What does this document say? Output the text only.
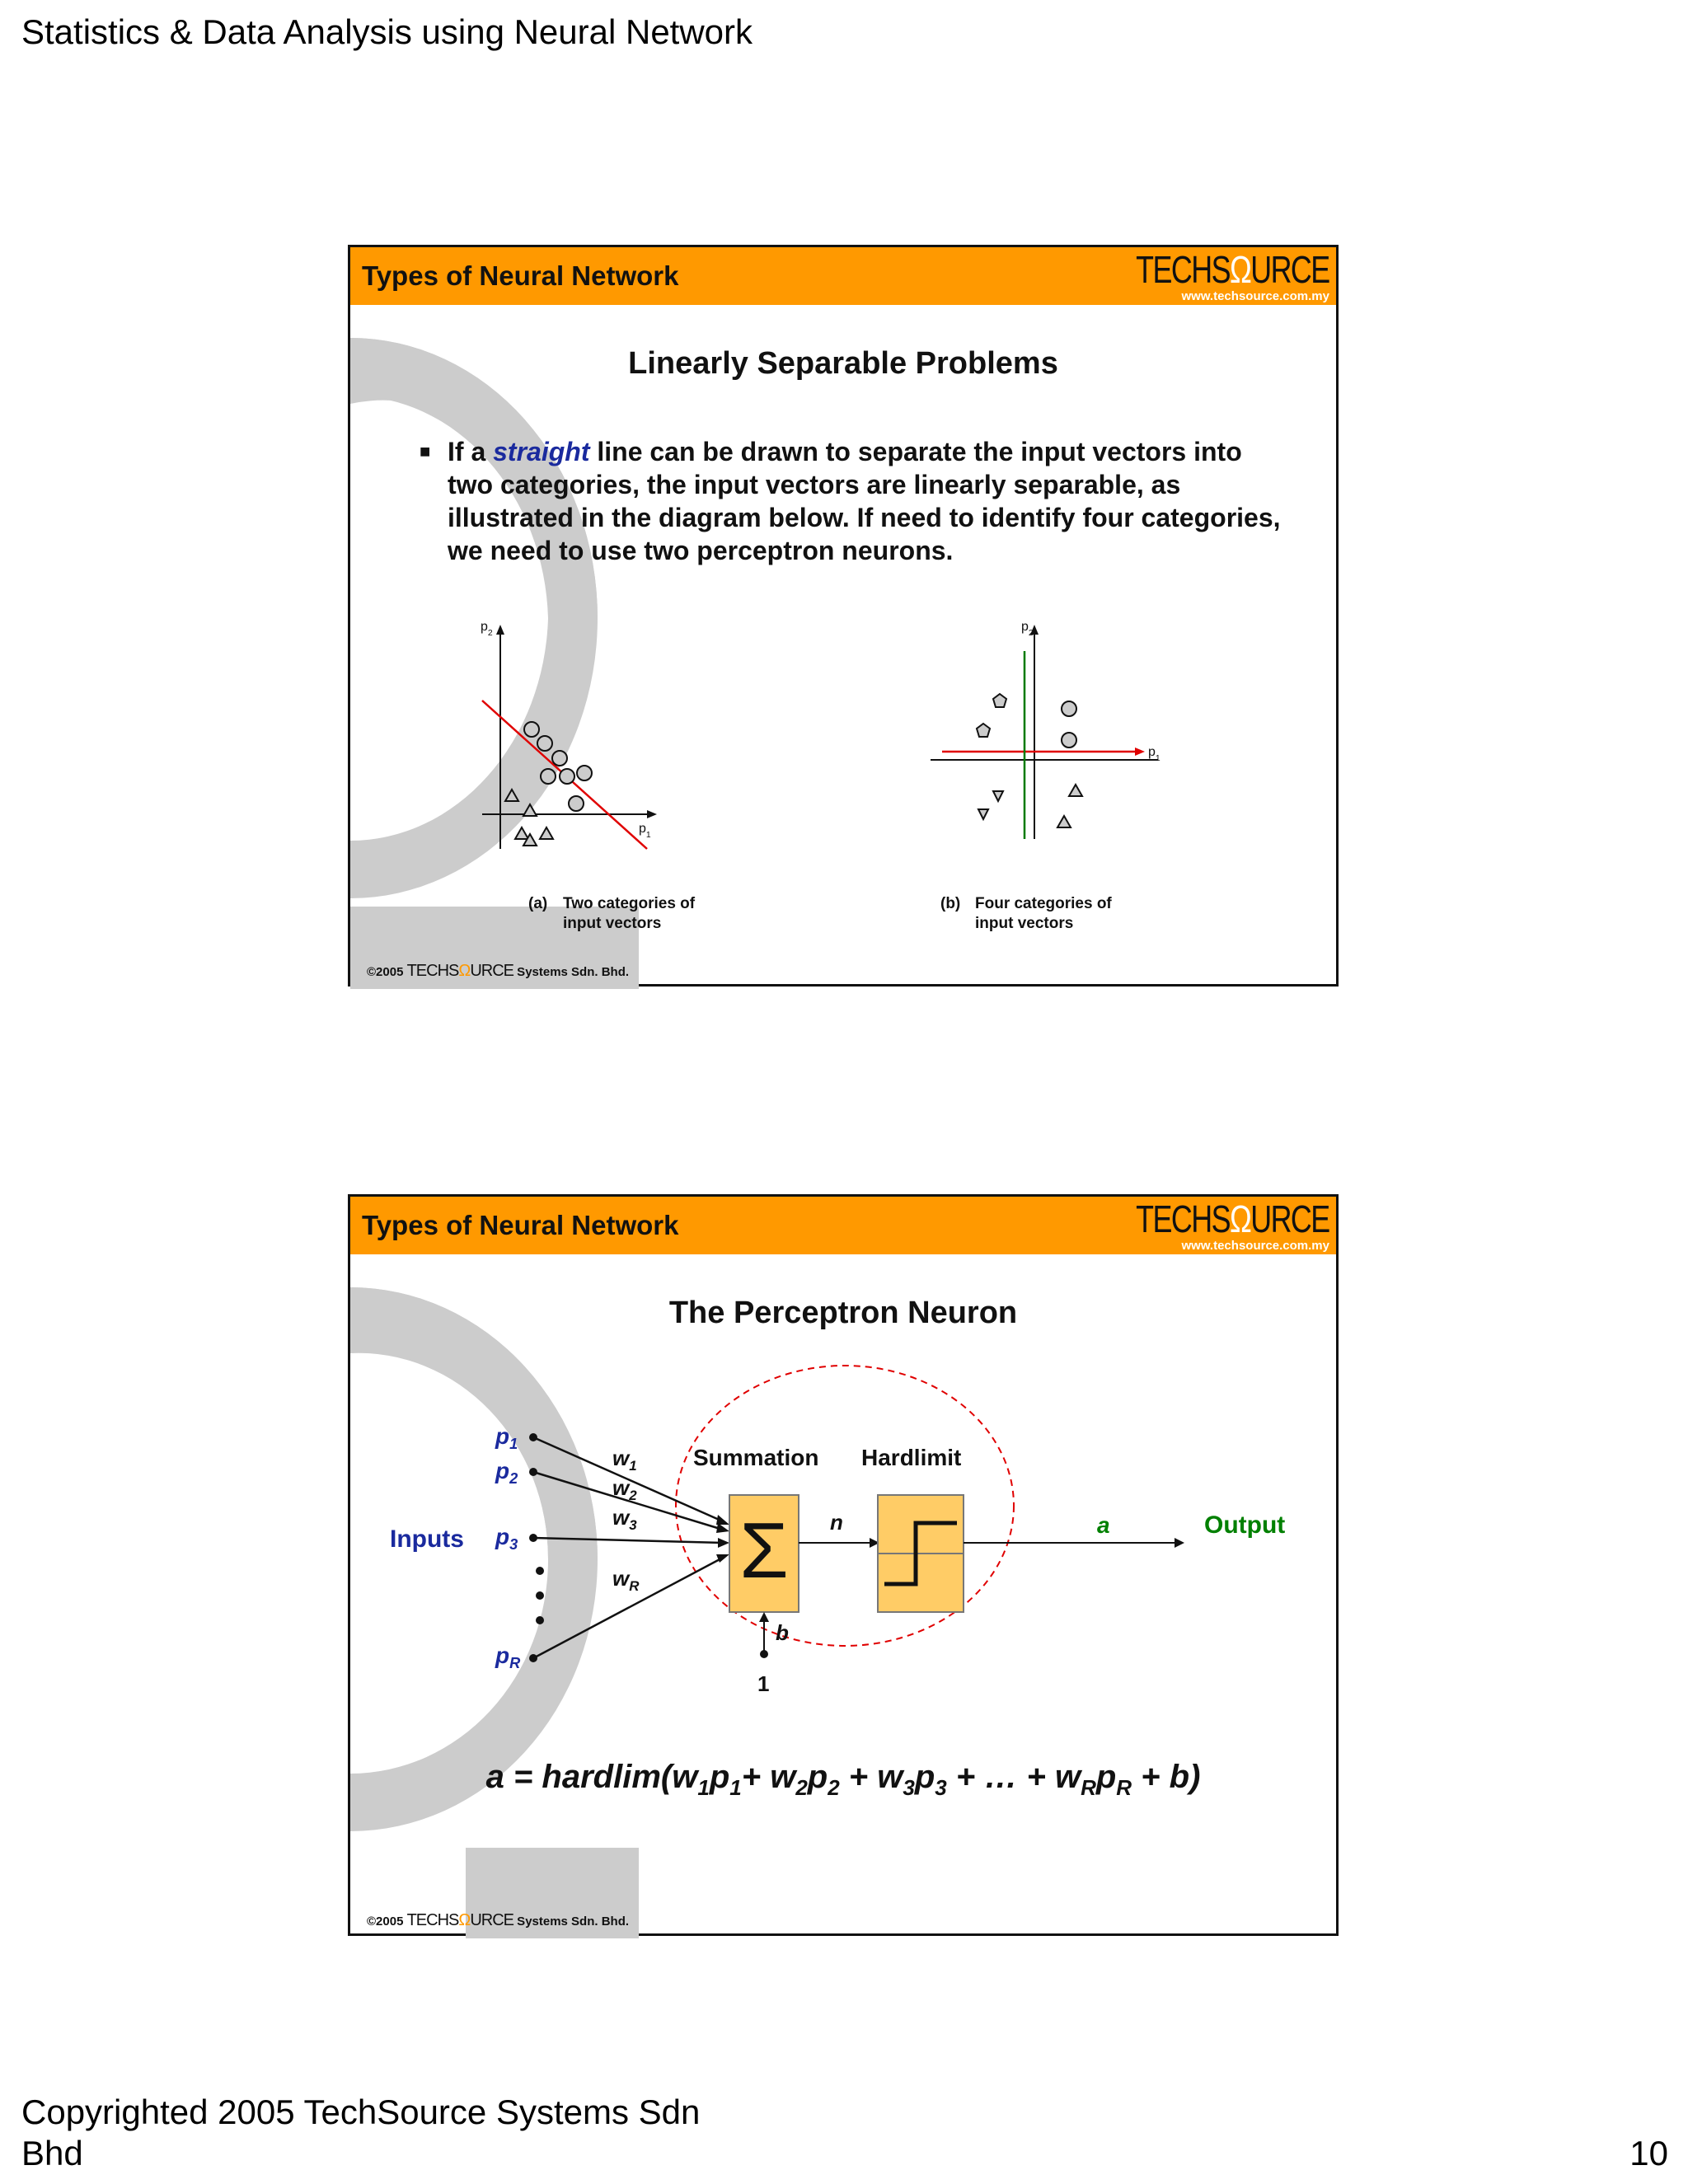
Statistics & Data Analysis using Neural Network
Types of Neural Network	TECHSΩURCE
www.techsource.com.my
Linearly Separable Problems
■ If a straight line can be drawn to separate the input vectors into two categories, the input vectors are linearly separable, as illustrated in the diagram below. If need to identify four categories, we need to use two perceptron neurons.
$p_2$
$p_1$
$p_2$
$p_1$
(a) Two categories of
input vectors
(b) Four categories of
input vectors
©2005 TECHSΩURCE Systems Sdn. Bhd.
Types of Neural Network	TECHSΩURCE
www.techsource.com.my
The Perceptron Neuron
Inputs
$p_1$
$p_2$
$p_3$
$p_R$
$w_1$
$w_2$
$w_3$
$w_R$
Summation
Σ n
Hardlimit
b
1
a	Output
$a = hardlim(w_1p_1+ w_2p_2 + w_3p_3$ + … + $w_Rp_R + b$)
©2005 TECHSΩURCE Systems Sdn. Bhd.
Copyrighted 2005 TechSource Systems Sdn Bhd	10
